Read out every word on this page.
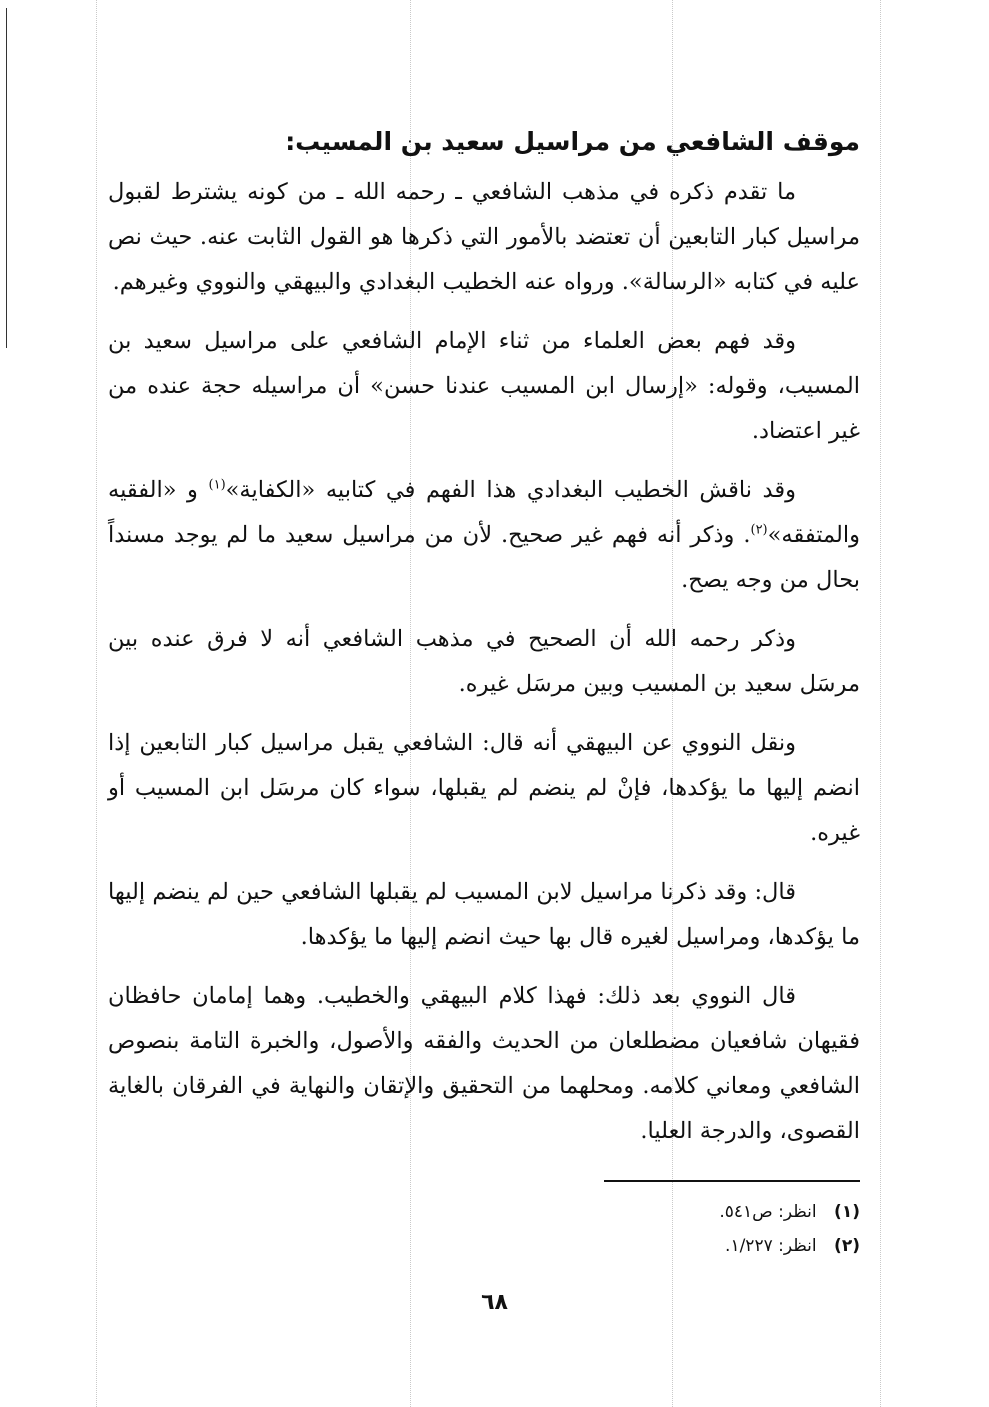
موقف الشافعي من مراسيل سعيد بن المسيب:

ما تقدم ذكره في مذهب الشافعي ـ رحمه الله ـ من كونه يشترط لقبول مراسيل كبار التابعين أن تعتضد بالأمور التي ذكرها هو القول الثابت عنه. حيث نص عليه في كتابه «الرسالة». ورواه عنه الخطيب البغدادي والبيهقي والنووي وغيرهم.

وقد فهم بعض العلماء من ثناء الإمام الشافعي على مراسيل سعيد بن المسيب، وقوله: «إرسال ابن المسيب عندنا حسن» أن مراسيله حجة عنده من غير اعتضاد.

وقد ناقش الخطيب البغدادي هذا الفهم في كتابيه «الكفاية»$^{(١)}$ و «الفقيه والمتفقه»$^{(٢)}$. وذكر أنه فهم غير صحيح. لأن من مراسيل سعيد ما لم يوجد مسنداً بحال من وجه يصح.

وذكر رحمه الله أن الصحيح في مذهب الشافعي أنه لا فرق عنده بين مرسَل سعيد بن المسيب وبين مرسَل غيره.

ونقل النووي عن البيهقي أنه قال: الشافعي يقبل مراسيل كبار التابعين إذا انضم إليها ما يؤكدها، فإنْ لم ينضم لم يقبلها، سواء كان مرسَل ابن المسيب أو غيره.

قال: وقد ذكرنا مراسيل لابن المسيب لم يقبلها الشافعي حين لم ينضم إليها ما يؤكدها، ومراسيل لغيره قال بها حيث انضم إليها ما يؤكدها.

قال النووي بعد ذلك: فهذا كلام البيهقي والخطيب. وهما إمامان حافظان فقيهان شافعيان مضطلعان من الحديث والفقه والأصول، والخبرة التامة بنصوص الشافعي ومعاني كلامه. ومحلهما من التحقيق والإتقان والنهاية في الفرقان بالغاية القصوى، والدرجة العليا.

(١) انظر: ص٥٤١.
(٢) انظر: ١/٢٢٧.
٦٨
